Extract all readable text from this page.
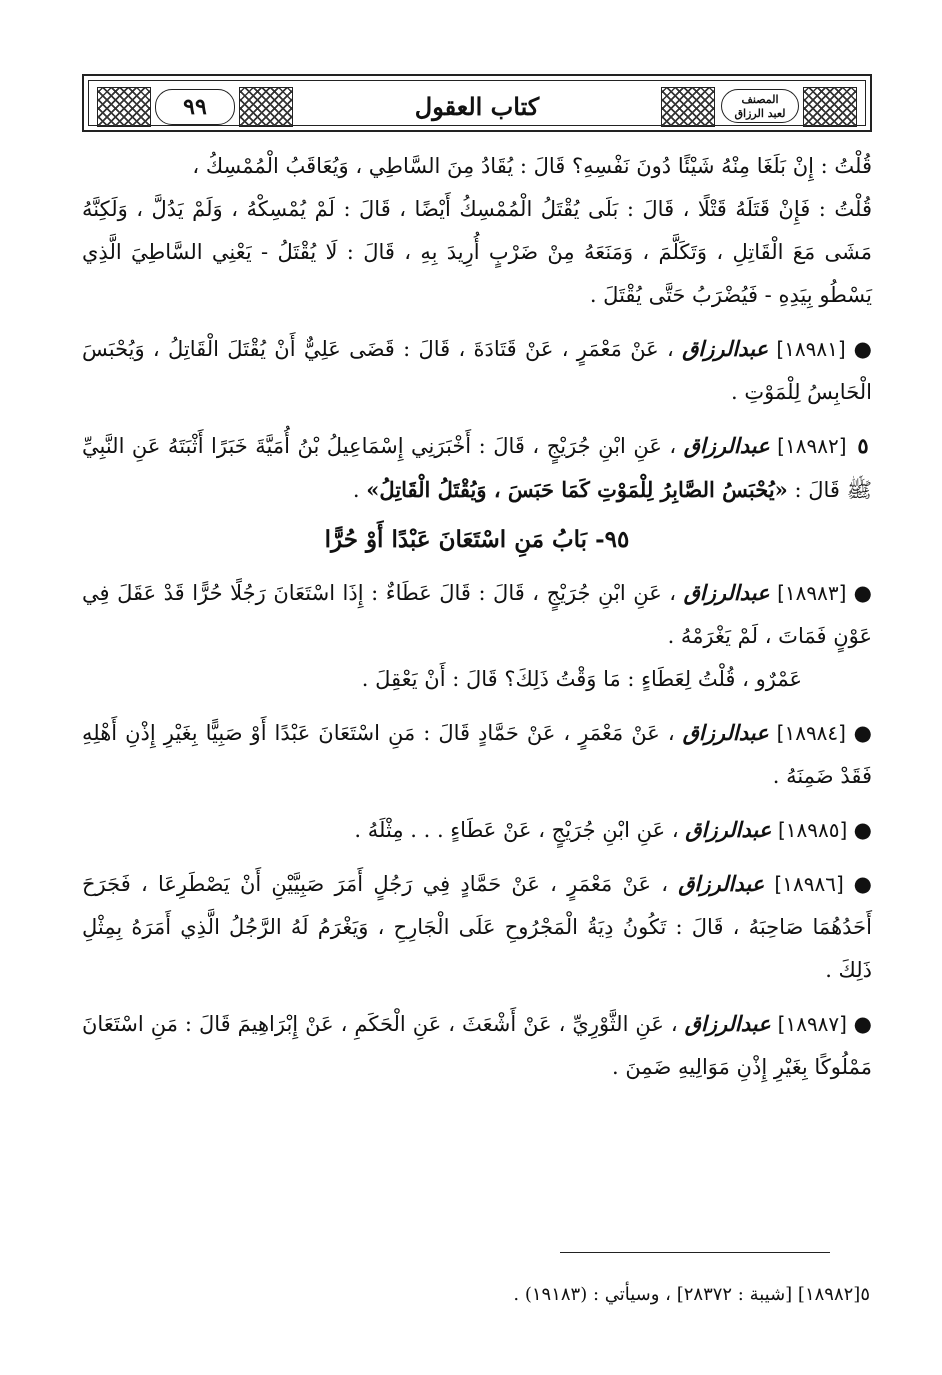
٩٩	كتاب العقول	المصنف
لعبد الرزاق

قُلْتُ : إِنْ بَلَغَا مِنْهُ شَيْئًا دُونَ نَفْسِهِ؟ قَالَ : يُقَادُ مِنَ السَّاطِي ، وَيُعَاقَبُ الْمُمْسِكُ ،

قُلْتُ : فَإِنْ قَتَلَهُ قَتْلًا ، قَالَ : بَلَى يُقْتَلُ الْمُمْسِكُ أَيْضًا ، قَالَ : لَمْ يُمْسِكْهُ ، وَلَمْ يَدُلَّ ، وَلَكِنَّهُ مَشَى مَعَ الْقَاتِلِ ، وَتَكَلَّمَ ، وَمَنَعَهُ مِنْ ضَرْبٍ أُرِيدَ بِهِ ، قَالَ : لَا يُقْتَلُ - يَعْنِي السَّاطِيَ الَّذِي يَسْطُو بِيَدِهِ - فَيُضْرَبُ حَتَّى يُقْتَلَ .

● [١٨٩٨١] عبدالرزاق ، عَنْ مَعْمَرٍ ، عَنْ قَتَادَةَ ، قَالَ : قَضَى عَلِيٌّ أَنْ يُقْتَلَ الْقَاتِلُ ، وَيُحْبَسَ الْحَابِسُ لِلْمَوْتِ .

٥ [١٨٩٨٢] عبدالرزاق ، عَنِ ابْنِ جُرَيْجٍ ، قَالَ : أَخْبَرَنِي إِسْمَاعِيلُ بْنُ أُمَيَّةَ خَبَرًا أَثْبَتَهُ عَنِ النَّبِيِّ ﷺ قَالَ : «يُحْبَسُ الصَّابِرُ لِلْمَوْتِ كَمَا حَبَسَ ، وَيُقْتَلُ الْقَاتِلُ» .

٩٥- بَابُ مَنِ اسْتَعَانَ عَبْدًا أَوْ حُرًّا

● [١٨٩٨٣] عبدالرزاق ، عَنِ ابْنِ جُرَيْجٍ ، قَالَ : قَالَ عَطَاءٌ : إِذَا اسْتَعَانَ رَجُلًا حُرًّا قَدْ عَقَلَ فِي عَوْنٍ فَمَاتَ ، لَمْ يَغْرَمْهُ .

عَمْرٌو ، قُلْتُ لِعَطَاءٍ : مَا وَقْتُ ذَلِكَ؟ قَالَ : أَنْ يَعْقِلَ .

● [١٨٩٨٤] عبدالرزاق ، عَنْ مَعْمَرٍ ، عَنْ حَمَّادٍ قَالَ : مَنِ اسْتَعَانَ عَبْدًا أَوْ صَبِيًّا بِغَيْرِ إِذْنِ أَهْلِهِ فَقَدْ ضَمِنَهُ .

● [١٨٩٨٥] عبدالرزاق ، عَنِ ابْنِ جُرَيْجٍ ، عَنْ عَطَاءٍ . . . مِثْلَهُ .

● [١٨٩٨٦] عبدالرزاق ، عَنْ مَعْمَرٍ ، عَنْ حَمَّادٍ فِي رَجُلٍ أَمَرَ صَبِيَّيْنِ أَنْ يَصْطَرِعَا ، فَجَرَحَ أَحَدُهُمَا صَاحِبَهُ ، قَالَ : تَكُونُ دِيَةُ الْمَجْرُوحِ عَلَى الْجَارِحِ ، وَيَغْرَمُ لَهُ الرَّجُلُ الَّذِي أَمَرَهُ بِمِثْلِ ذَلِكَ .

● [١٨٩٨٧] عبدالرزاق ، عَنِ الثَّوْرِيِّ ، عَنْ أَشْعَثَ ، عَنِ الْحَكَمِ ، عَنْ إِبْرَاهِيمَ قَالَ : مَنِ اسْتَعَانَ مَمْلُوكًا بِغَيْرِ إِذْنِ مَوَالِيهِ ضَمِنَ .

٥[١٨٩٨٢] [شيبة : ٢٨٣٧٢] ، وسيأتي : (١٩١٨٣) .
